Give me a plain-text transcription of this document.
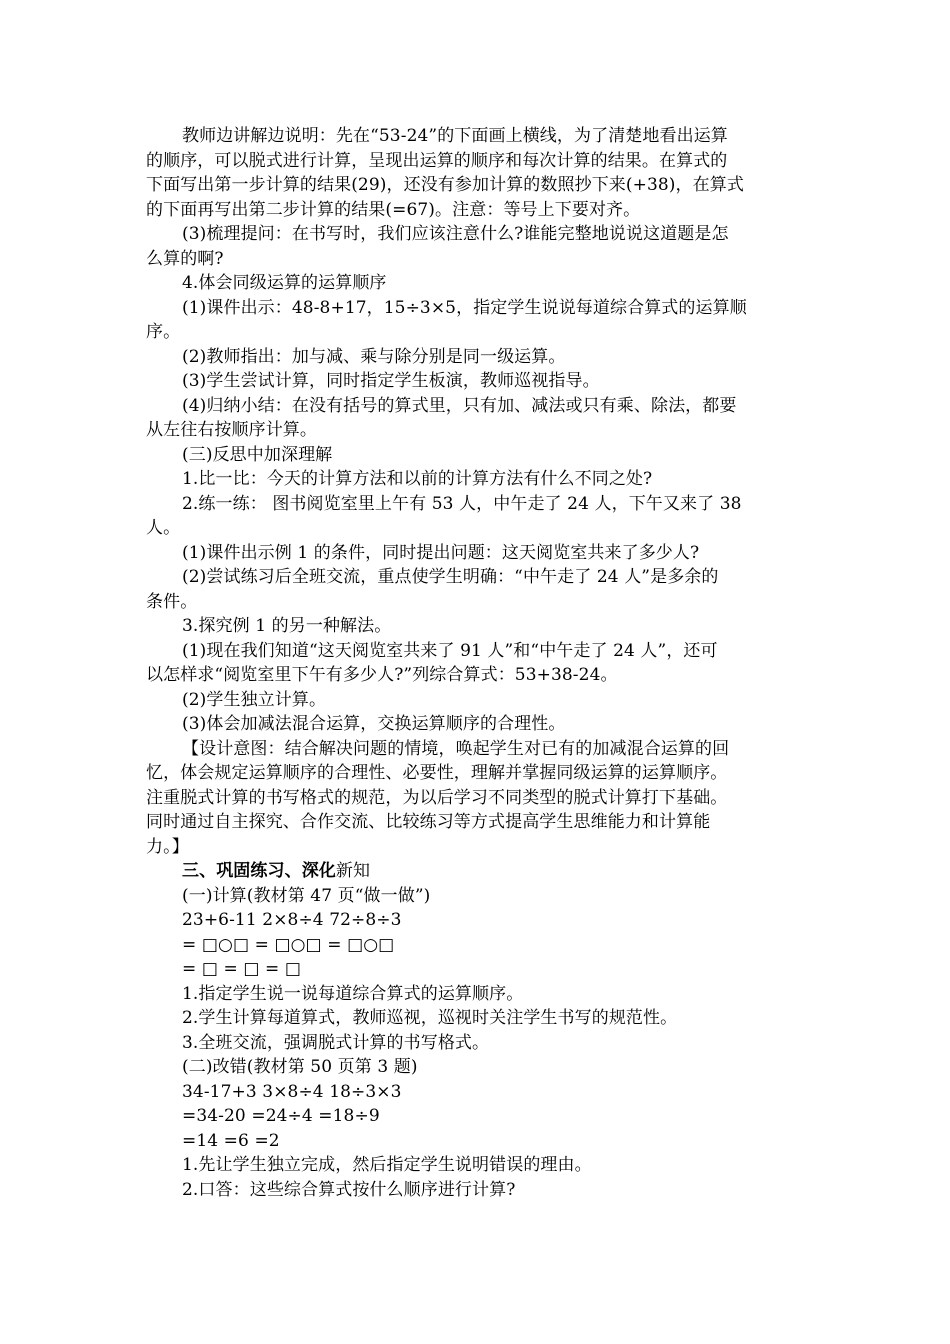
教师边讲解边说明：先在“53-24”的下面画上横线，为了清楚地看出运算
的顺序，可以脱式进行计算，呈现出运算的顺序和每次计算的结果。在算式的
下面写出第一步计算的结果(29)，还没有参加计算的数照抄下来(+38)，在算式
的下面再写出第二步计算的结果(=67)。注意：等号上下要对齐。
(3)梳理提问：在书写时，我们应该注意什么?谁能完整地说说这道题是怎
么算的啊?
4.体会同级运算的运算顺序
(1)课件出示：48-8+17，15÷3×5，指定学生说说每道综合算式的运算顺
序。
(2)教师指出：加与减、乘与除分别是同一级运算。
(3)学生尝试计算，同时指定学生板演，教师巡视指导。
(4)归纳小结：在没有括号的算式里，只有加、减法或只有乘、除法，都要
从左往右按顺序计算。
(三)反思中加深理解
1.比一比：今天的计算方法和以前的计算方法有什么不同之处?
2.练一练： 图书阅览室里上午有 53 人，中午走了 24 人，下午又来了 38
人。
(1)课件出示例 1 的条件，同时提出问题：这天阅览室共来了多少人?
(2)尝试练习后全班交流，重点使学生明确：“中午走了 24 人”是多余的
条件。
3.探究例 1 的另一种解法。
(1)现在我们知道“这天阅览室共来了 91 人”和“中午走了 24 人”，还可
以怎样求“阅览室里下午有多少人?”列综合算式：53+38-24。
(2)学生独立计算。
(3)体会加减法混合运算，交换运算顺序的合理性。
【设计意图：结合解决问题的情境，唤起学生对已有的加减混合运算的回
忆，体会规定运算顺序的合理性、必要性，理解并掌握同级运算的运算顺序。
注重脱式计算的书写格式的规范，为以后学习不同类型的脱式计算打下基础。
同时通过自主探究、合作交流、比较练习等方式提高学生思维能力和计算能
力。】
三、巩固练习、深化新知
(一)计算(教材第 47 页“做一做”)
23+6-11 2×8÷4 72÷8÷3
= □○□ = □○□ = □○□
= □ = □ = □
1.指定学生说一说每道综合算式的运算顺序。
2.学生计算每道算式，教师巡视，巡视时关注学生书写的规范性。
3.全班交流，强调脱式计算的书写格式。
(二)改错(教材第 50 页第 3 题)
34-17+3 3×8÷4 18÷3×3
=34-20 =24÷4 =18÷9
=14 =6 =2
1.先让学生独立完成，然后指定学生说明错误的理由。
2.口答：这些综合算式按什么顺序进行计算?
